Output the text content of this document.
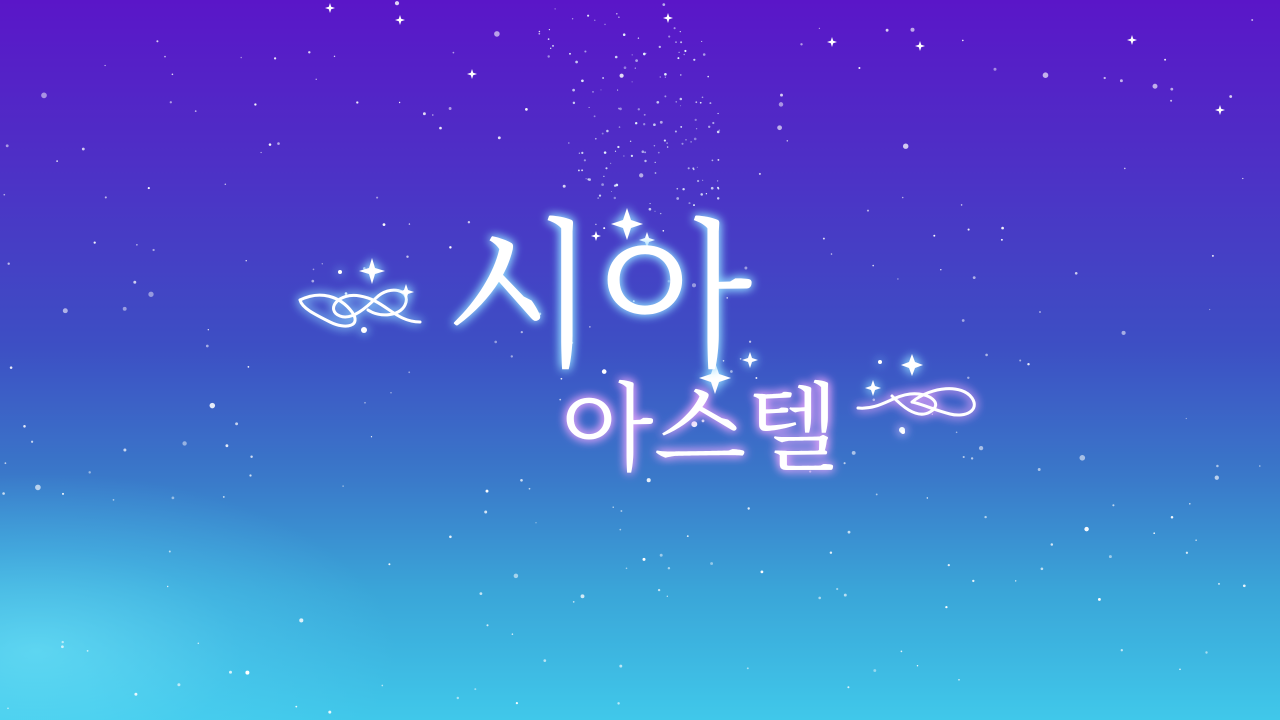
시아
아스텔
